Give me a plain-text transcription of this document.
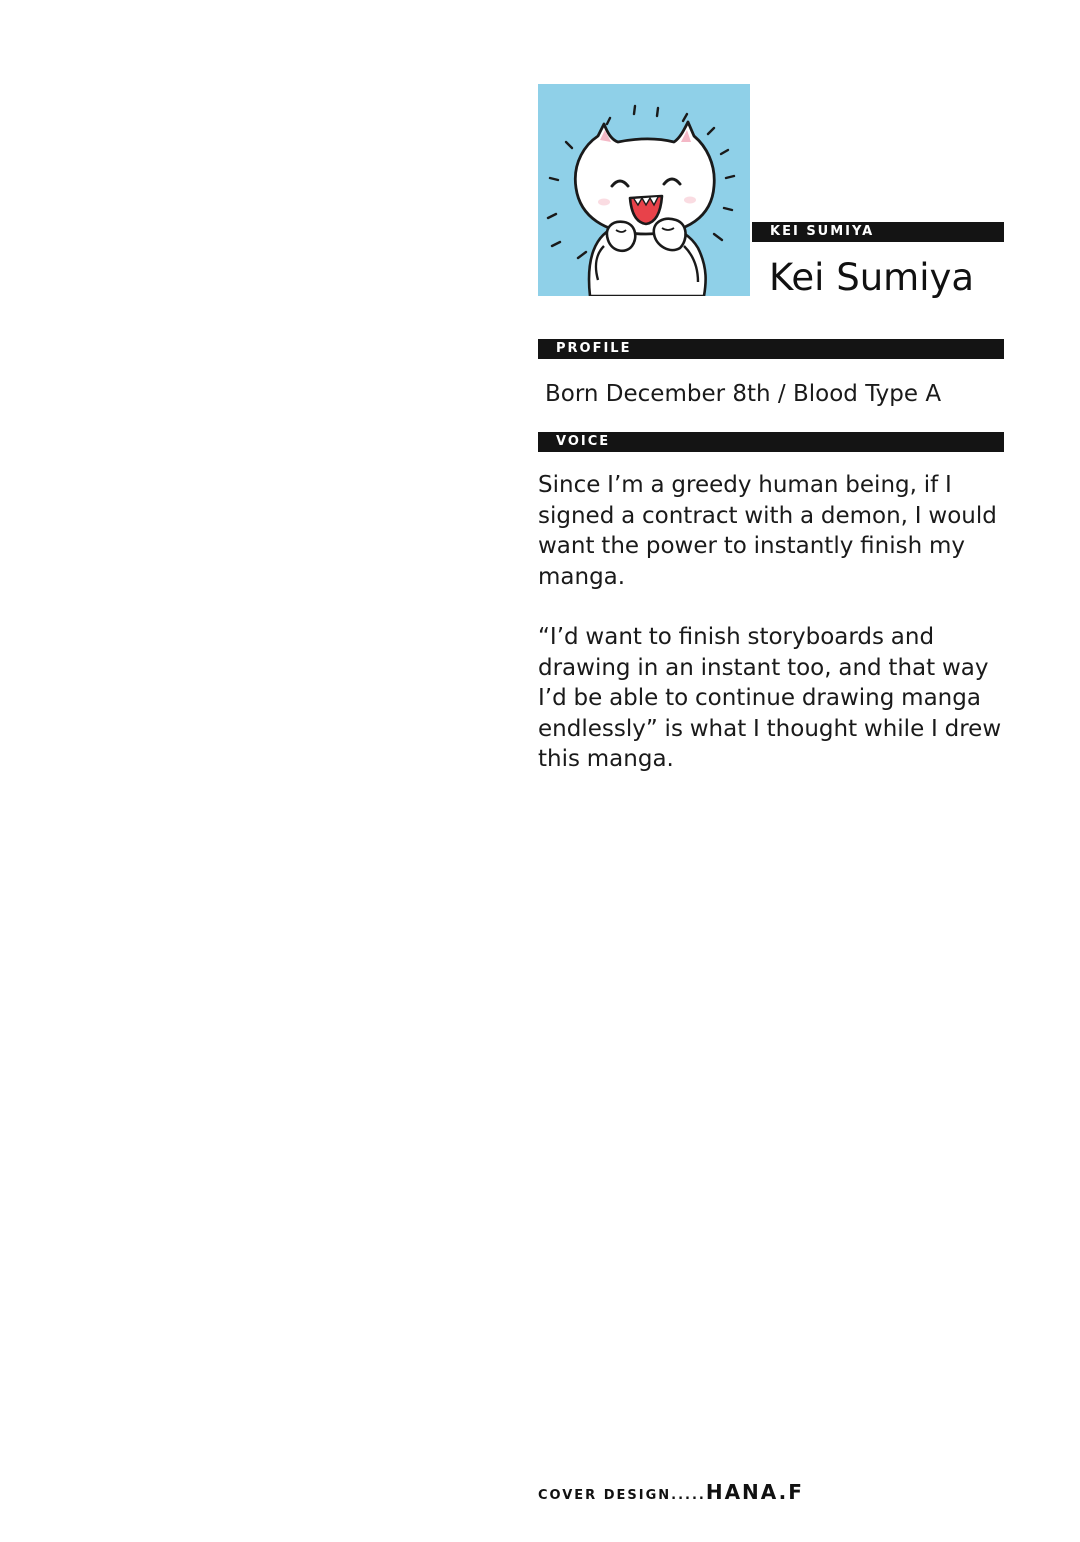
KEI SUMIYA
Kei Sumiya
PROFILE
Born December 8th / Blood Type A
VOICE

Since I’m a greedy human being, if I signed a contract with a demon, I would want the power to instantly finish my manga.

“I’d want to finish storyboards and drawing in an instant too, and that way I’d be able to continue drawing manga endlessly” is what I thought while I drew this manga.

COVER DESIGN.....HANA.F
